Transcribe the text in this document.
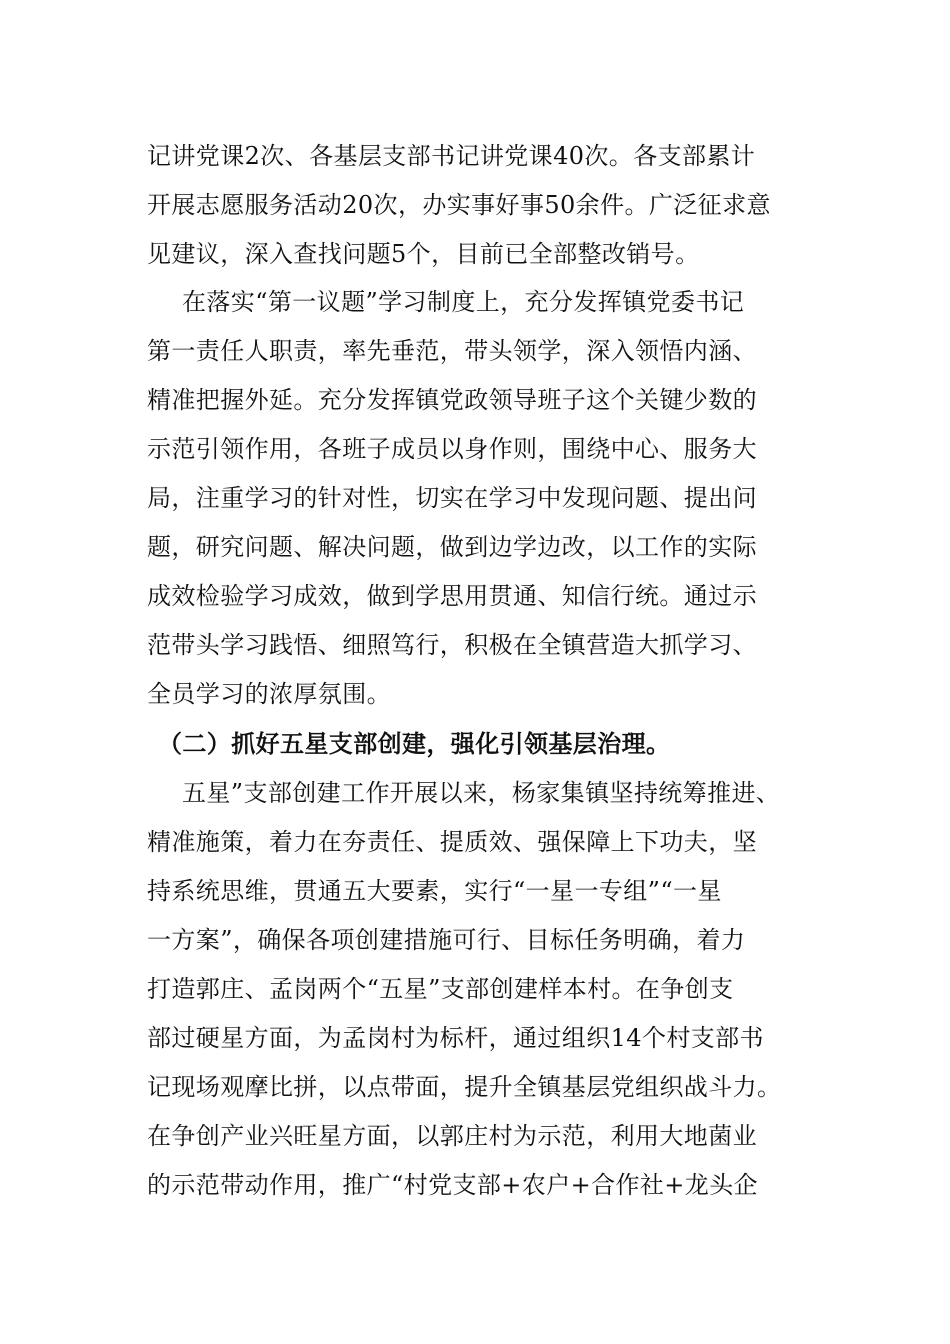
记讲党课2次、各基层支部书记讲党课40次。各支部累计
开展志愿服务活动20次，办实事好事50余件。广泛征求意
见建议，深入查找问题5个，目前已全部整改销号。
在落实“第一议题”学习制度上，充分发挥镇党委书记
第一责任人职责，率先垂范，带头领学，深入领悟内涵、
精准把握外延。充分发挥镇党政领导班子这个关键少数的
示范引领作用，各班子成员以身作则，围绕中心、服务大
局，注重学习的针对性，切实在学习中发现问题、提出问
题，研究问题、解决问题，做到边学边改，以工作的实际
成效检验学习成效，做到学思用贯通、知信行统。通过示
范带头学习践悟、细照笃行，积极在全镇营造大抓学习、
全员学习的浓厚氛围。
（二）抓好五星支部创建，强化引领基层治理。
五星”支部创建工作开展以来，杨家集镇坚持统筹推进、
精准施策，着力在夯责任、提质效、强保障上下功夫，坚
持系统思维，贯通五大要素，实行“一星一专组”“一星
一方案”，确保各项创建措施可行、目标任务明确，着力
打造郭庄、孟岗两个“五星”支部创建样本村。在争创支
部过硬星方面，为孟岗村为标杆，通过组织14个村支部书
记现场观摩比拼，以点带面，提升全镇基层党组织战斗力。
在争创产业兴旺星方面，以郭庄村为示范，利用大地菌业
的示范带动作用，推广“村党支部+农户+合作社+龙头企
